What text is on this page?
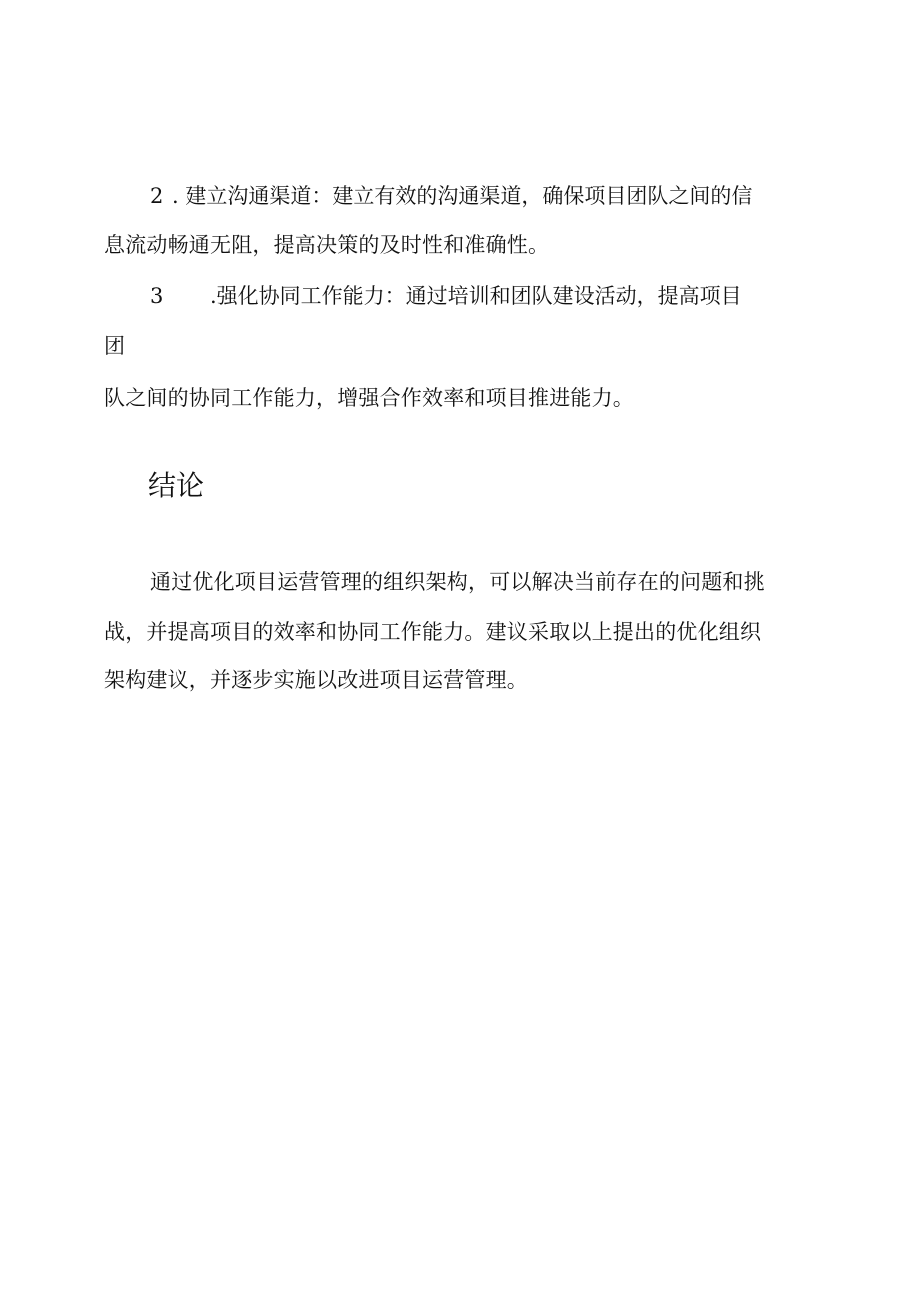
2 . 建立沟通渠道：建立有效的沟通渠道，确保项目团队之间的信
息流动畅通无阻，提高决策的及时性和准确性。
3 .强化协同工作能力：通过培训和团队建设活动，提高项目
团
队之间的协同工作能力，增强合作效率和项目推进能力。
结论
通过优化项目运营管理的组织架构，可以解决当前存在的问题和挑
战，并提高项目的效率和协同工作能力。建议采取以上提出的优化组织
架构建议，并逐步实施以改进项目运营管理。
